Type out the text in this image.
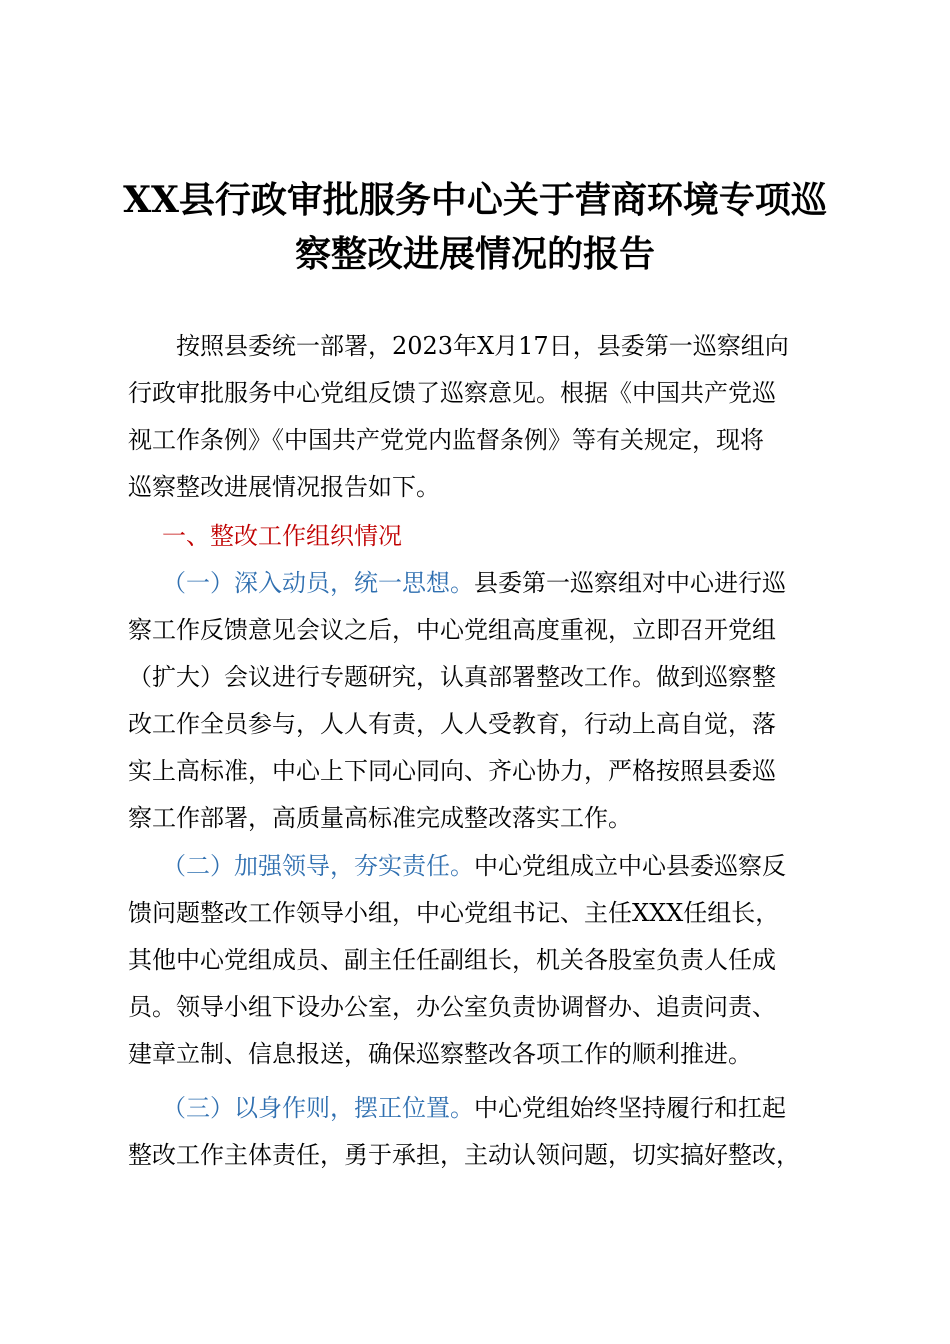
XX县行政审批服务中心关于营商环境专项巡
察整改进展情况的报告
　　按照县委统一部署，2023年X月17日，县委第一巡察组向
行政审批服务中心党组反馈了巡察意见。根据《中国共产党巡
视工作条例》《中国共产党党内监督条例》等有关规定，现将
巡察整改进展情况报告如下。
一、整改工作组织情况
（一）深入动员，统一思想。县委第一巡察组对中心进行巡
察工作反馈意见会议之后，中心党组高度重视，立即召开党组
（扩大）会议进行专题研究，认真部署整改工作。做到巡察整
改工作全员参与，人人有责，人人受教育，行动上高自觉，落
实上高标准，中心上下同心同向、齐心协力，严格按照县委巡
察工作部署，高质量高标准完成整改落实工作。
（二）加强领导，夯实责任。中心党组成立中心县委巡察反
馈问题整改工作领导小组，中心党组书记、主任XXX任组长，
其他中心党组成员、副主任任副组长，机关各股室负责人任成
员。领导小组下设办公室，办公室负责协调督办、追责问责、
建章立制、信息报送，确保巡察整改各项工作的顺利推进。
（三）以身作则，摆正位置。中心党组始终坚持履行和扛起
整改工作主体责任，勇于承担，主动认领问题，切实搞好整改，
